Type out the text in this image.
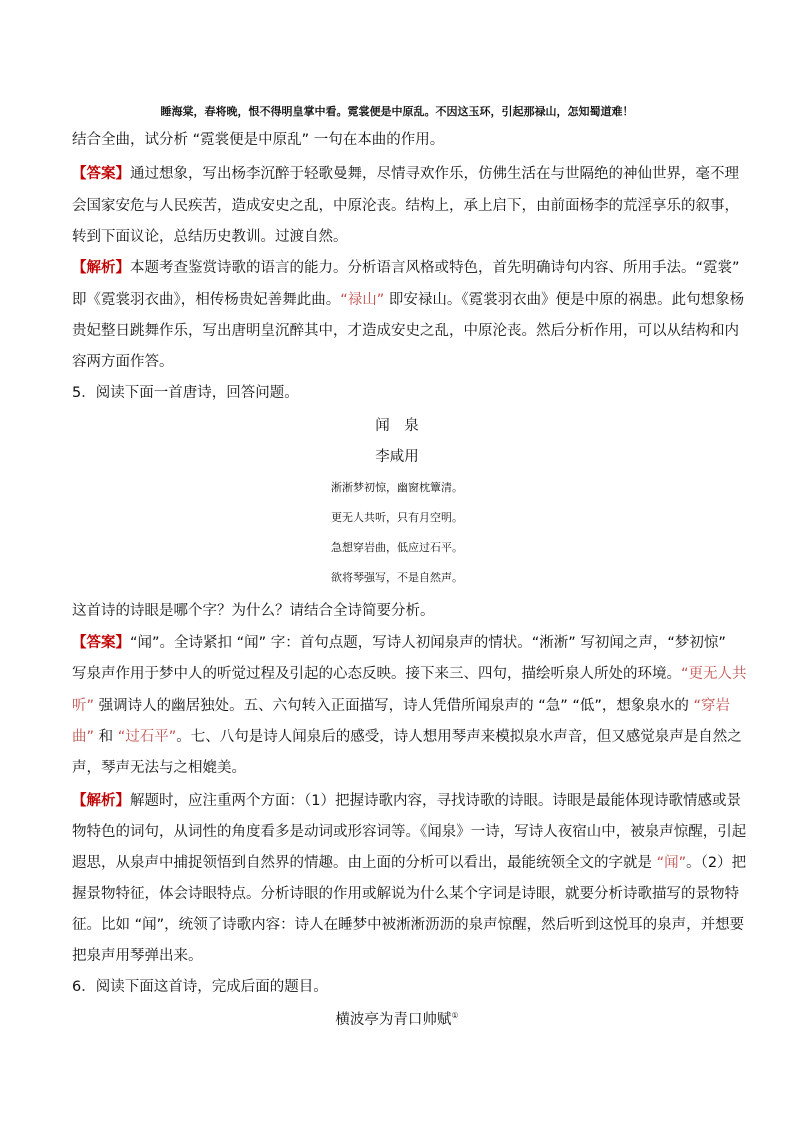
睡海棠，春将晚，恨不得明皇掌中看。霓裳便是中原乱。不因这玉环，引起那禄山，怎知蜀道难！
结合全曲，试分析 “霓裳便是中原乱” 一句在本曲的作用。
【答案】通过想象，写出杨李沉醉于轻歌曼舞，尽情寻欢作乐，仿佛生活在与世隔绝的神仙世界，毫不理
会国家安危与人民疾苦，造成安史之乱，中原沦丧。结构上，承上启下，由前面杨李的荒淫享乐的叙事，
转到下面议论，总结历史教训。过渡自然。
【解析】本题考查鉴赏诗歌的语言的能力。分析语言风格或特色，首先明确诗句内容、所用手法。“霓裳”
即《霓裳羽衣曲》，相传杨贵妃善舞此曲。“禄山” 即安禄山。《霓裳羽衣曲》便是中原的祸患。此句想象杨
贵妃整日跳舞作乐，写出唐明皇沉醉其中，才造成安史之乱，中原沦丧。然后分析作用，可以从结构和内
容两方面作答。
5．阅读下面一首唐诗，回答问题。
闻　泉
李咸用
淅淅梦初惊，幽窗枕簟清。
更无人共听，只有月空明。
急想穿岩曲，低应过石平。
欲将琴强写，不是自然声。
这首诗的诗眼是哪个字？为什么？请结合全诗简要分析。
【答案】“闻”。全诗紧扣 “闻” 字：首句点题，写诗人初闻泉声的情状。“淅淅” 写初闻之声，“梦初惊”
写泉声作用于梦中人的听觉过程及引起的心态反映。接下来三、四句，描绘听泉人所处的环境。“更无人共
听” 强调诗人的幽居独处。五、六句转入正面描写，诗人凭借所闻泉声的 “急” “低”，想象泉水的 “穿岩
曲” 和 “过石平”。七、八句是诗人闻泉后的感受，诗人想用琴声来模拟泉水声音，但又感觉泉声是自然之
声，琴声无法与之相媲美。
【解析】解题时，应注重两个方面：（1）把握诗歌内容，寻找诗歌的诗眼。诗眼是最能体现诗歌情感或景
物特色的词句，从词性的角度看多是动词或形容词等。《闻泉》一诗，写诗人夜宿山中，被泉声惊醒，引起
遐思，从泉声中捕捉领悟到自然界的情趣。由上面的分析可以看出，最能统领全文的字就是 “闻”。（2）把
握景物特征，体会诗眼特点。分析诗眼的作用或解说为什么某个字词是诗眼，就要分析诗歌描写的景物特
征。比如 “闻”，统领了诗歌内容：诗人在睡梦中被淅淅沥沥的泉声惊醒，然后听到这悦耳的泉声，并想要
把泉声用琴弹出来。
6．阅读下面这首诗，完成后面的题目。
横波亭为青口帅赋①
